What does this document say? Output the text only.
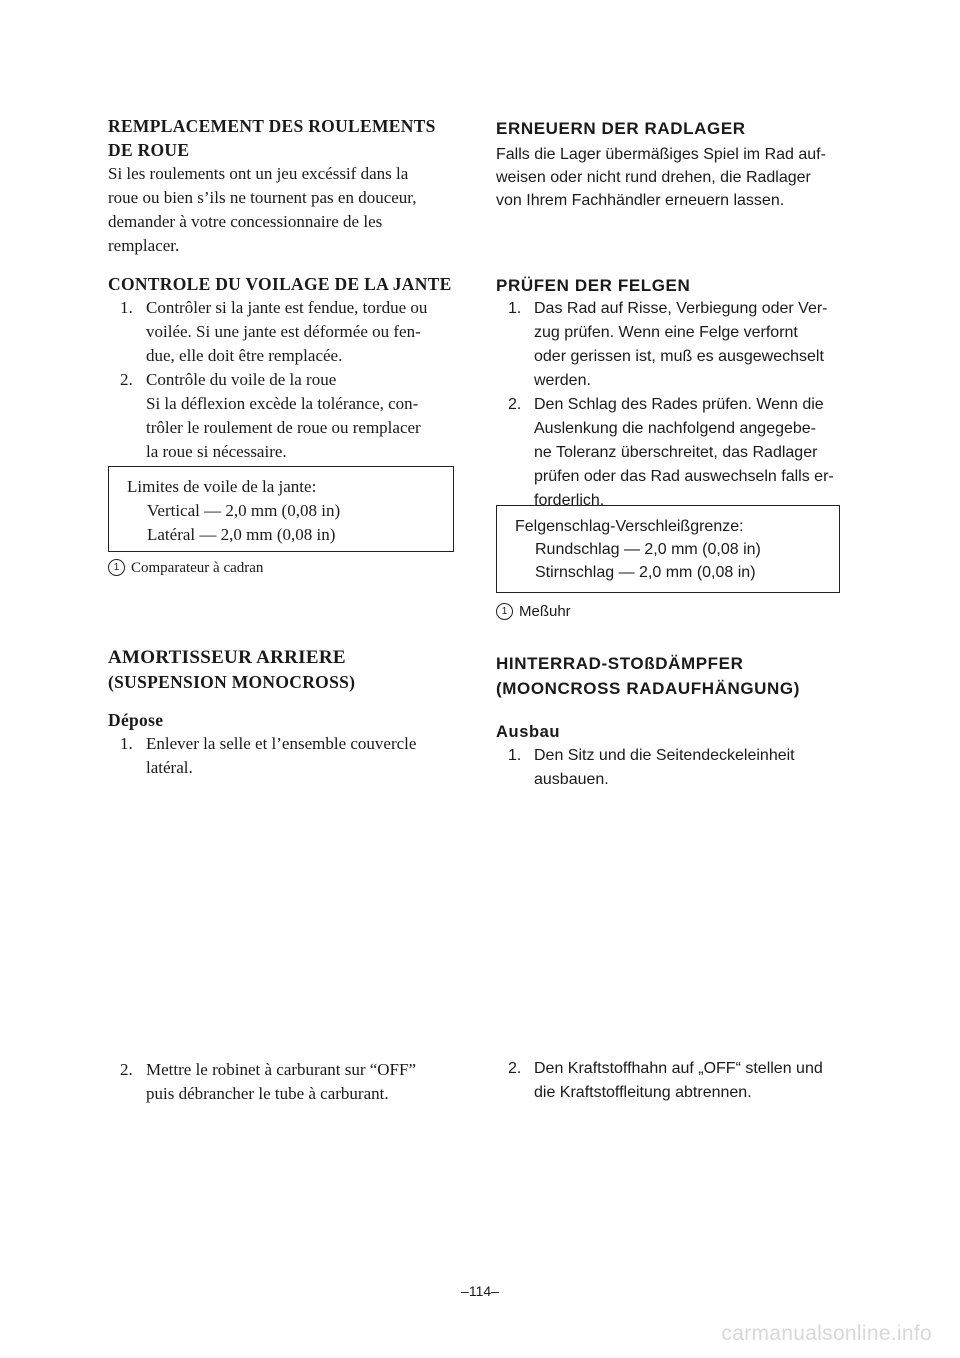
REMPLACEMENT DES ROULEMENTS
DE ROUE
Si les roulements ont un jeu excéssif dans la
roue ou bien s’ils ne tournent pas en douceur,
demander à votre concessionnaire de les
remplacer.
CONTROLE DU VOILAGE DE LA JANTE
1. Contrôler si la jante est fendue, tordue ou
voilée. Si une jante est déformée ou fen-
due, elle doit être remplacée.
2. Contrôle du voile de la roue
Si la déflexion excède la tolérance, con-
trôler le roulement de roue ou remplacer
la roue si nécessaire.
Limites de voile de la jante:
Vertical — 2,0 mm (0,08 in)
Latéral — 2,0 mm (0,08 in)
1 Comparateur à cadran
AMORTISSEUR ARRIERE
(SUSPENSION MONOCROSS)
Dépose
1. Enlever la selle et l’ensemble couvercle
latéral.
2. Mettre le robinet à carburant sur “OFF”
puis débrancher le tube à carburant.
ERNEUERN DER RADLAGER
Falls die Lager übermäßiges Spiel im Rad auf-
weisen oder nicht rund drehen, die Radlager
von Ihrem Fachhändler erneuern lassen.
PRÜFEN DER FELGEN
1. Das Rad auf Risse, Verbiegung oder Ver-
zug prüfen. Wenn eine Felge verfornt
oder gerissen ist, muß es ausgewechselt
werden.
2. Den Schlag des Rades prüfen. Wenn die
Auslenkung die nachfolgend angegebe-
ne Toleranz überschreitet, das Radlager
prüfen oder das Rad auswechseln falls er-
forderlich.
Felgenschlag-Verschleißgrenze:
Rundschlag — 2,0 mm (0,08 in)
Stirnschlag — 2,0 mm (0,08 in)
1 Meßuhr
HINTERRAD-STOßDÄMPFER
(MOONCROSS RADAUFHÄNGUNG)
Ausbau
1. Den Sitz und die Seitendeckeleinheit
ausbauen.
2. Den Kraftstoffhahn auf „OFF“ stellen und
die Kraftstoffleitung abtrennen.
–114–
carmanualsonline.info
